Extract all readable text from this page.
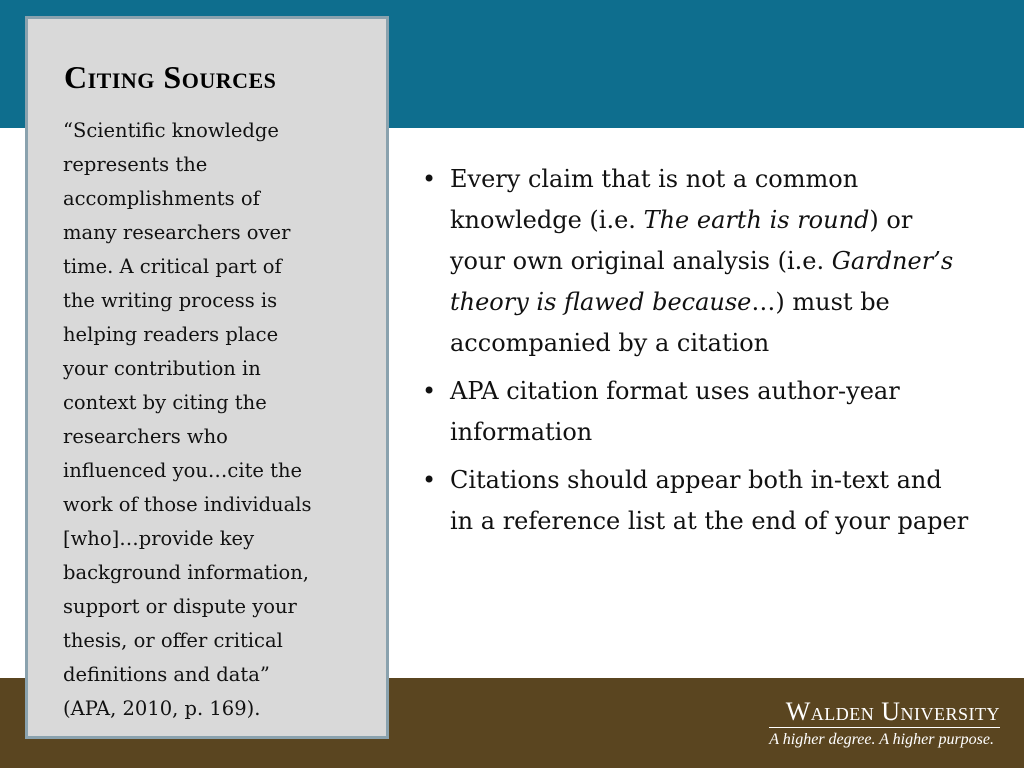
Citing Sources

“Scientific knowledge
represents the
accomplishments of
many researchers over
time. A critical part of
the writing process is
helping readers place
your contribution in
context by citing the
researchers who
influenced you…cite the
work of those individuals
[who]…provide key
background information,
support or dispute your
thesis, or offer critical
definitions and data”
(APA, 2010, p. 169).

• Every claim that is not a common knowledge (i.e. The earth is round) or your own original analysis (i.e. Gardner’s theory is flawed because…) must be accompanied by a citation
• APA citation format uses author-year information
• Citations should appear both in-text and in a reference list at the end of your paper
Walden University
A higher degree. A higher purpose.
